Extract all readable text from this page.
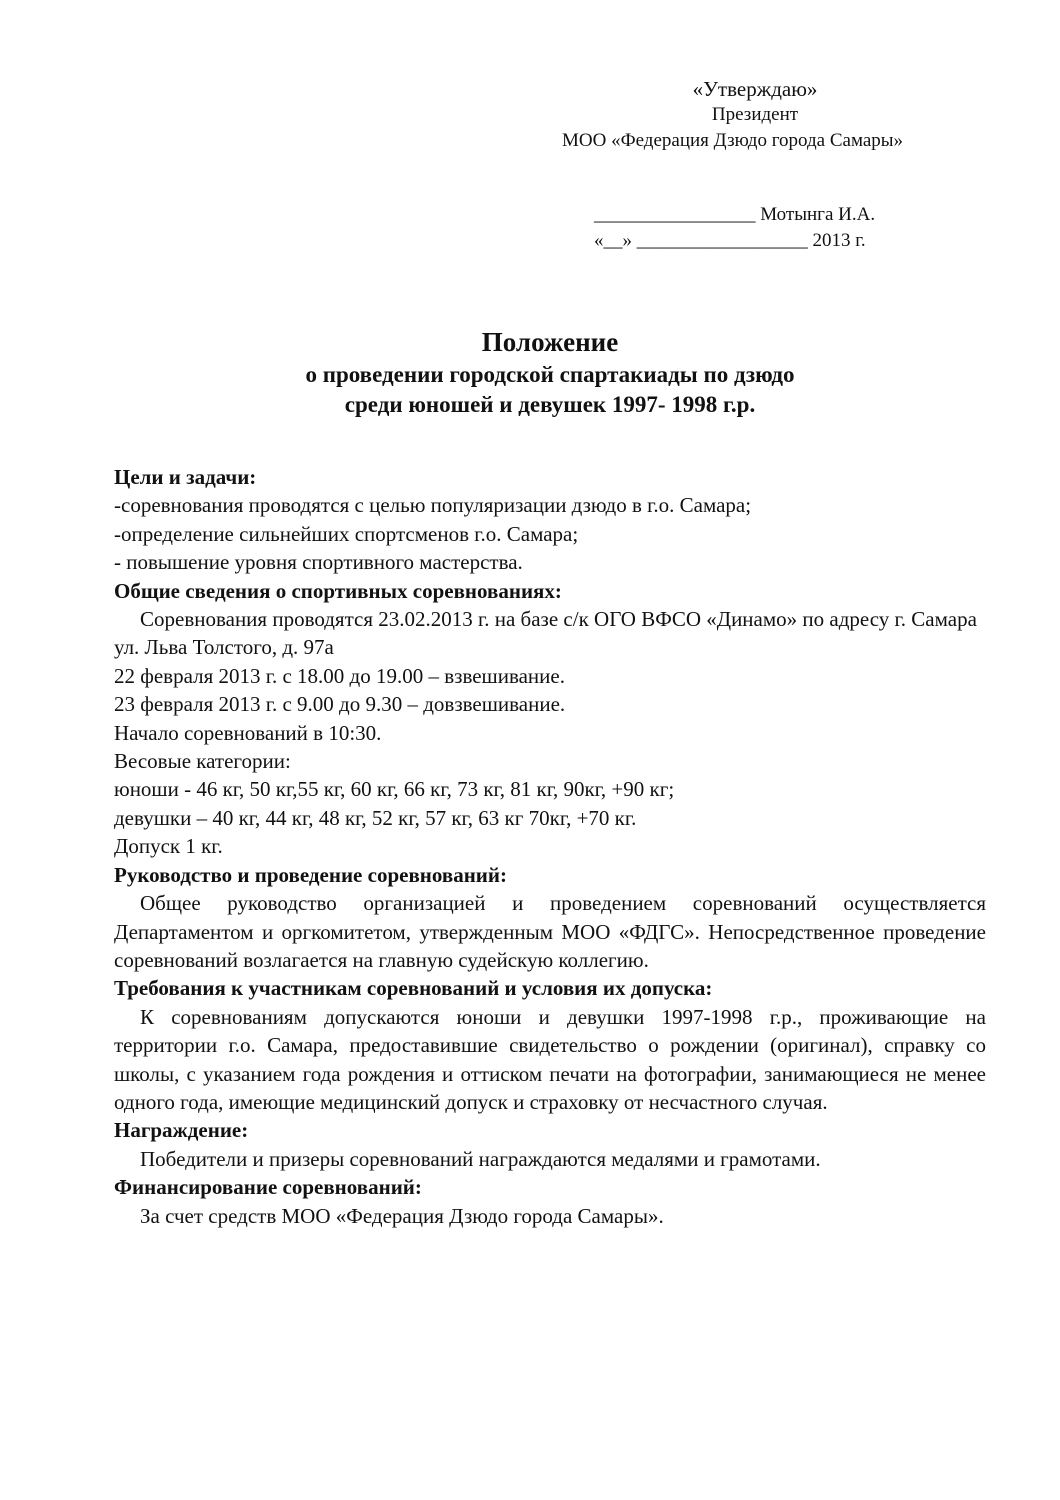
«Утверждаю»
Президент
МОО «Федерация Дзюдо города Самары»
_________________ Мотынга И.А.
«__» __________________ 2013 г.
Положение
о проведении городской спартакиады по дзюдо
среди юношей и девушек 1997- 1998 г.р.

Цели и задачи:

-соревнования проводятся с целью популяризации дзюдо в г.о. Самара;

-определение сильнейших спортсменов г.о. Самара;

- повышение уровня спортивного мастерства.

Общие сведения о спортивных соревнованиях:

Соревнования проводятся 23.02.2013 г. на базе с/к ОГО ВФСО «Динамо» по адресу г. Самара ул. Льва Толстого, д. 97а

22 февраля 2013 г. с 18.00 до 19.00 – взвешивание.

23 февраля 2013 г. с 9.00 до 9.30 – довзвешивание.

Начало соревнований в 10:30.

Весовые категории:

юноши - 46 кг, 50 кг,55 кг, 60 кг, 66 кг, 73 кг, 81 кг, 90кг, +90 кг;

девушки – 40 кг, 44 кг, 48 кг, 52 кг, 57 кг, 63 кг 70кг, +70 кг.

Допуск 1 кг.

Руководство и проведение соревнований:

Общее руководство организацией и проведением соревнований осуществляется Департаментом и оргкомитетом, утвержденным МОО «ФДГС». Непосредственное проведение соревнований возлагается на главную судейскую коллегию.

Требования к участникам соревнований и условия их допуска:

К соревнованиям допускаются юноши и девушки 1997-1998 г.р., проживающие на территории г.о. Самара, предоставившие свидетельство о рождении (оригинал), справку со школы, с указанием года рождения и оттиском печати на фотографии, занимающиеся не менее одного года, имеющие медицинский допуск и страховку от несчастного случая.

Награждение:

Победители и призеры соревнований награждаются медалями и грамотами.

Финансирование соревнований:

За счет средств МОО «Федерация Дзюдо города Самары».
